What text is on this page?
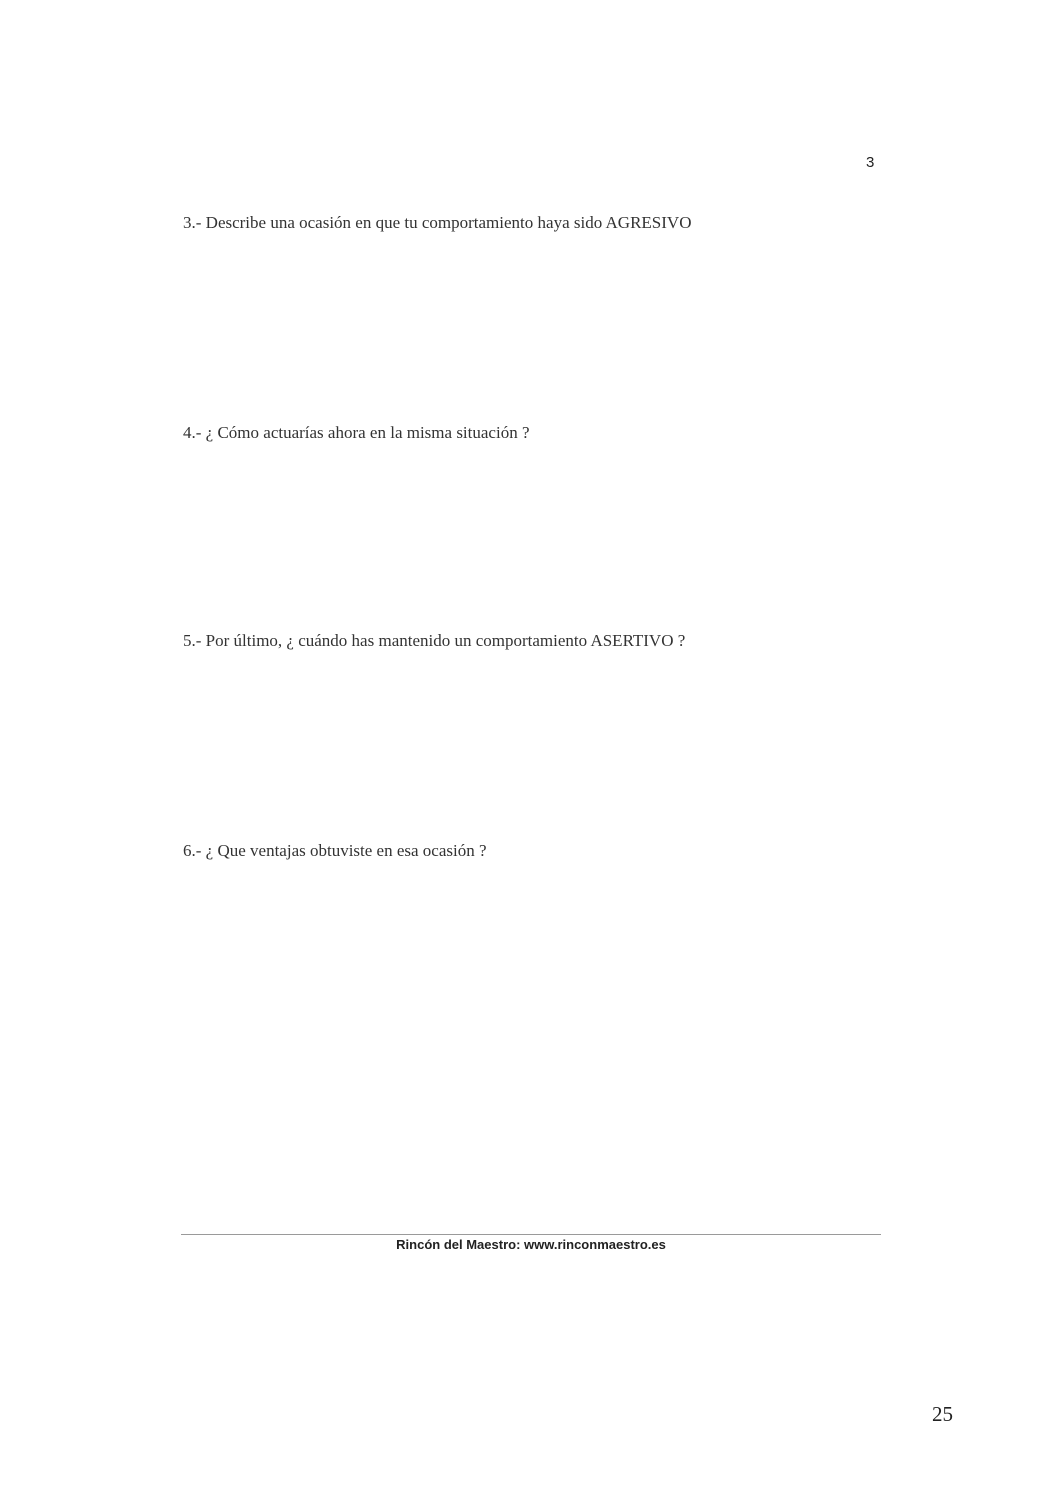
3
3.- Describe una ocasión en que tu comportamiento haya sido AGRESIVO
4.- ¿ Cómo actuarías ahora en la misma situación ?
5.- Por último, ¿ cuándo has mantenido un comportamiento ASERTIVO ?
6.- ¿ Que ventajas obtuviste en esa ocasión ?
Rincón del Maestro: www.rinconmaestro.es
25
